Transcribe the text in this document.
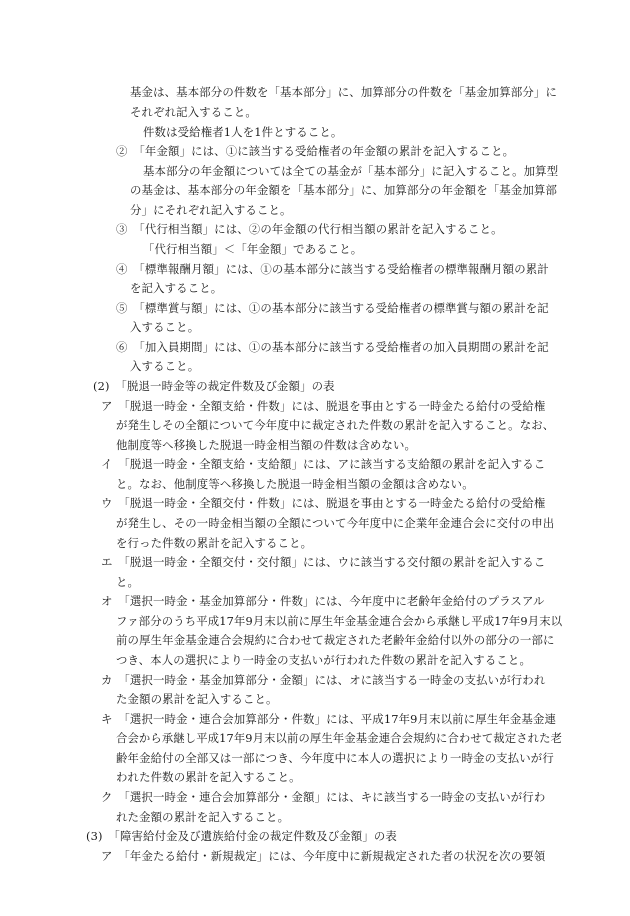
基金は、基本部分の件数を「基本部分」に、加算部分の件数を「基金加算部分」に
それぞれ記入すること。
件数は受給権者1人を1件とすること。
②　「年金額」には、①に該当する受給権者の年金額の累計を記入すること。
基本部分の年金額については全ての基金が「基本部分」に記入すること。加算型
の基金は、基本部分の年金額を「基本部分」に、加算部分の年金額を「基金加算部
分」にそれぞれ記入すること。
③　「代行相当額」には、②の年金額の代行相当額の累計を記入すること。
「代行相当額」＜「年金額」であること。
④　「標準報酬月額」には、①の基本部分に該当する受給権者の標準報酬月額の累計
を記入すること。
⑤　「標準賞与額」には、①の基本部分に該当する受給権者の標準賞与額の累計を記
入すること。
⑥　「加入員期間」には、①の基本部分に該当する受給権者の加入員期間の累計を記
入すること。
(2)　「脱退一時金等の裁定件数及び金額」の表
ア　「脱退一時金・全額支給・件数」には、脱退を事由とする一時金たる給付の受給権
が発生しその全額について今年度中に裁定された件数の累計を記入すること。なお、
他制度等へ移換した脱退一時金相当額の件数は含めない。
イ　「脱退一時金・全額支給・支給額」には、アに該当する支給額の累計を記入するこ
と。なお、他制度等へ移換した脱退一時金相当額の金額は含めない。
ウ　「脱退一時金・全額交付・件数」には、脱退を事由とする一時金たる給付の受給権
が発生し、その一時金相当額の全額について今年度中に企業年金連合会に交付の申出
を行った件数の累計を記入すること。
エ　「脱退一時金・全額交付・交付額」には、ウに該当する交付額の累計を記入するこ
と。
オ　「選択一時金・基金加算部分・件数」には、今年度中に老齢年金給付のプラスアル
ファ部分のうち平成17年9月末以前に厚生年金基金連合会から承継し平成17年9月末以
前の厚生年金基金連合会規約に合わせて裁定された老齢年金給付以外の部分の一部に
つき、本人の選択により一時金の支払いが行われた件数の累計を記入すること。
カ　「選択一時金・基金加算部分・金額」には、オに該当する一時金の支払いが行われ
た金額の累計を記入すること。
キ　「選択一時金・連合会加算部分・件数」には、平成17年9月末以前に厚生年金基金連
合会から承継し平成17年9月末以前の厚生年金基金連合会規約に合わせて裁定された老
齢年金給付の全部又は一部につき、今年度中に本人の選択により一時金の支払いが行
われた件数の累計を記入すること。
ク　「選択一時金・連合会加算部分・金額」には、キに該当する一時金の支払いが行わ
れた金額の累計を記入すること。
(3)　「障害給付金及び遺族給付金の裁定件数及び金額」の表
ア　「年金たる給付・新規裁定」には、今年度中に新規裁定された者の状況を次の要領
